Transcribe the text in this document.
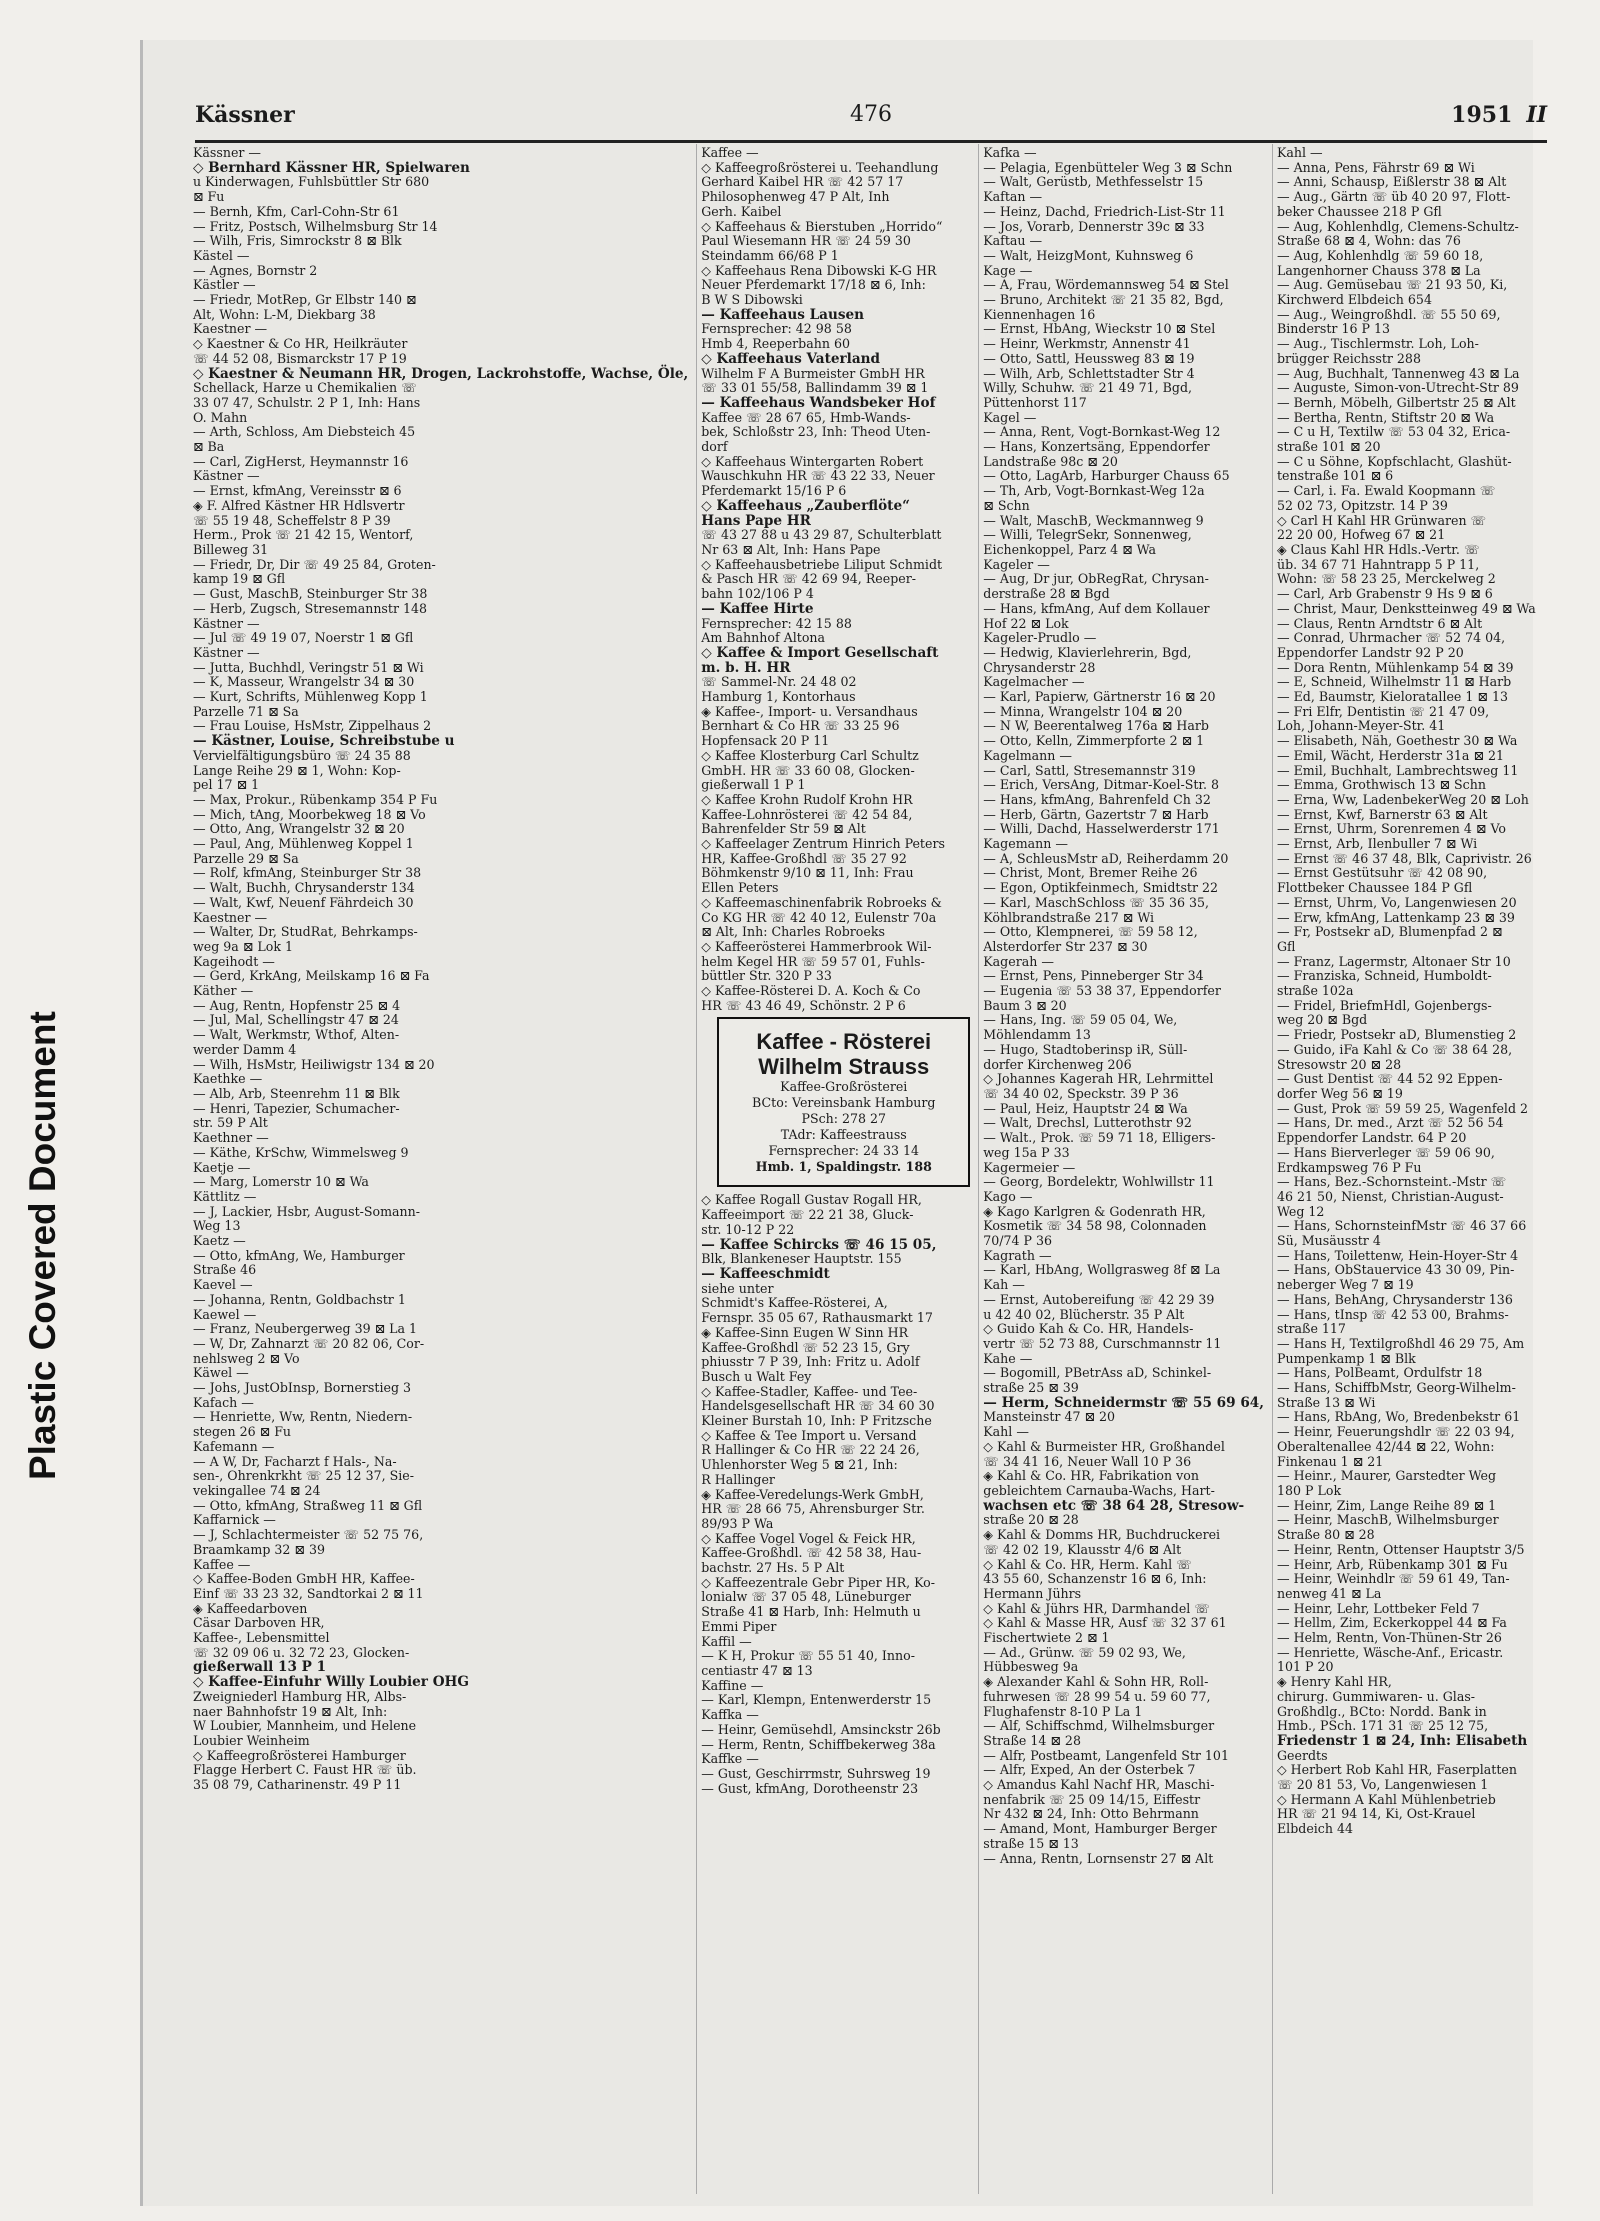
Plastic Covered Document
Kässner	476	1951 II
Kässner —
◇ Bernhard Kässner HR, Spielwaren
u Kinderwagen, Fuhlsbüttler Str 680
⊠ Fu
— Bernh, Kfm, Carl-Cohn-Str 61
— Fritz, Postsch, Wilhelmsburg Str 14
— Wilh, Fris, Simrockstr 8 ⊠ Blk
Kästel —
— Agnes, Bornstr 2
Kästler —
— Friedr, MotRep, Gr Elbstr 140 ⊠
Alt, Wohn: L-M, Diekbarg 38
Kaestner —
◇ Kaestner & Co HR, Heilkräuter
☏ 44 52 08, Bismarckstr 17 P 19
◇ Kaestner & Neumann HR, Drogen, Lackrohstoffe, Wachse, Öle,
Schellack, Harze u Chemikalien ☏
33 07 47, Schulstr. 2 P 1, Inh: Hans
O. Mahn
— Arth, Schloss, Am Diebsteich 45
⊠ Ba
— Carl, ZigHerst, Heymannstr 16
Kästner —
— Ernst, kfmAng, Vereinsstr ⊠ 6
◈ F. Alfred Kästner HR Hdlsvertr
☏ 55 19 48, Scheffelstr 8 P 39
Herm., Prok ☏ 21 42 15, Wentorf,
Billeweg 31
— Friedr, Dr, Dir ☏ 49 25 84, Groten-
kamp 19 ⊠ Gfl
— Gust, MaschB, Steinburger Str 38
— Herb, Zugsch, Stresemannstr 148
Kästner —
— Jul ☏ 49 19 07, Noerstr 1 ⊠ Gfl
Kästner —
— Jutta, Buchhdl, Veringstr 51 ⊠ Wi
— K, Masseur, Wrangelstr 34 ⊠ 30
— Kurt, Schrifts, Mühlenweg Kopp 1
Parzelle 71 ⊠ Sa
— Frau Louise, HsMstr, Zippelhaus 2
— Kästner, Louise, Schreibstube u
Vervielfältigungsbüro ☏ 24 35 88
Lange Reihe 29 ⊠ 1, Wohn: Kop-
pel 17 ⊠ 1
— Max, Prokur., Rübenkamp 354 P Fu
— Mich, tAng, Moorbekweg 18 ⊠ Vo
— Otto, Ang, Wrangelstr 32 ⊠ 20
— Paul, Ang, Mühlenweg Koppel 1
Parzelle 29 ⊠ Sa
— Rolf, kfmAng, Steinburger Str 38
— Walt, Buchh, Chrysanderstr 134
— Walt, Kwf, Neuenf Fährdeich 30
Kaestner —
— Walter, Dr, StudRat, Behrkamps-
weg 9a ⊠ Lok 1
Kageihodt —
— Gerd, KrkAng, Meilskamp 16 ⊠ Fa
Käther —
— Aug, Rentn, Hopfenstr 25 ⊠ 4
— Jul, Mal, Schellingstr 47 ⊠ 24
— Walt, Werkmstr, Wthof, Alten-
werder Damm 4
— Wilh, HsMstr, Heiliwigstr 134 ⊠ 20
Kaethke —
— Alb, Arb, Steenrehm 11 ⊠ Blk
— Henri, Tapezier, Schumacher-
str. 59 P Alt
Kaethner —
— Käthe, KrSchw, Wimmelsweg 9
Kaetje —
— Marg, Lomerstr 10 ⊠ Wa
Kättlitz —
— J, Lackier, Hsbr, August-Somann-
Weg 13
Kaetz —
— Otto, kfmAng, We, Hamburger
Straße 46
Kaevel —
— Johanna, Rentn, Goldbachstr 1
Kaewel —
— Franz, Neubergerweg 39 ⊠ La 1
— W, Dr, Zahnarzt ☏ 20 82 06, Cor-
nehlsweg 2 ⊠ Vo
Käwel —
— Johs, JustObInsp, Bornerstieg 3
Kafach —
— Henriette, Ww, Rentn, Niedern-
stegen 26 ⊠ Fu
Kafemann —
— A W, Dr, Facharzt f Hals-, Na-
sen-, Ohrenkrkht ☏ 25 12 37, Sie-
vekingallee 74 ⊠ 24
— Otto, kfmAng, Straßweg 11 ⊠ Gfl
Kaffarnick —
— J, Schlachtermeister ☏ 52 75 76,
Braamkamp 32 ⊠ 39
Kaffee —
◇ Kaffee-Boden GmbH HR, Kaffee-
Einf ☏ 33 23 32, Sandtorkai 2 ⊠ 11
◈ Kaffeedarboven
Cäsar Darboven HR,
Kaffee-, Lebensmittel
☏ 32 09 06 u. 32 72 23, Glocken-
gießerwall 13 P 1
◇ Kaffee-Einfuhr Willy Loubier OHG
Zweigniederl Hamburg HR, Albs-
naer Bahnhofstr 19 ⊠ Alt, Inh:
W Loubier, Mannheim, und Helene
Loubier Weinheim
◇ Kaffeegroßrösterei Hamburger
Flagge Herbert C. Faust HR ☏ üb.
35 08 79, Catharinenstr. 49 P 11
Kaffee —
◇ Kaffeegroßrösterei u. Teehandlung
Gerhard Kaibel HR ☏ 42 57 17
Philosophenweg 47 P Alt, Inh
Gerh. Kaibel
◇ Kaffeehaus & Bierstuben „Horrido“
Paul Wiesemann HR ☏ 24 59 30
Steindamm 66/68 P 1
◇ Kaffeehaus Rena Dibowski K-G HR
Neuer Pferdemarkt 17/18 ⊠ 6, Inh:
B W S Dibowski
— Kaffeehaus Lausen
Fernsprecher: 42 98 58
Hmb 4, Reeperbahn 60
◇ Kaffeehaus Vaterland
Wilhelm F A Burmeister GmbH HR
☏ 33 01 55/58, Ballindamm 39 ⊠ 1
— Kaffeehaus Wandsbeker Hof
Kaffee ☏ 28 67 65, Hmb-Wands-
bek, Schloßstr 23, Inh: Theod Uten-
dorf
◇ Kaffeehaus Wintergarten Robert
Wauschkuhn HR ☏ 43 22 33, Neuer
Pferdemarkt 15/16 P 6
◇ Kaffeehaus „Zauberflöte“
Hans Pape HR
☏ 43 27 88 u 43 29 87, Schulterblatt
Nr 63 ⊠ Alt, Inh: Hans Pape
◇ Kaffeehausbetriebe Liliput Schmidt
& Pasch HR ☏ 42 69 94, Reeper-
bahn 102/106 P 4
— Kaffee Hirte
Fernsprecher: 42 15 88
Am Bahnhof Altona
◇ Kaffee & Import Gesellschaft
m. b. H. HR
☏ Sammel-Nr. 24 48 02
Hamburg 1, Kontorhaus
◈ Kaffee-, Import- u. Versandhaus
Bernhart & Co HR ☏ 33 25 96
Hopfensack 20 P 11
◇ Kaffee Klosterburg Carl Schultz
GmbH. HR ☏ 33 60 08, Glocken-
gießerwall 1 P 1
◇ Kaffee Krohn Rudolf Krohn HR
Kaffee-Lohnrösterei ☏ 42 54 84,
Bahrenfelder Str 59 ⊠ Alt
◇ Kaffeelager Zentrum Hinrich Peters
HR, Kaffee-Großhdl ☏ 35 27 92
Böhmkenstr 9/10 ⊠ 11, Inh: Frau
Ellen Peters
◇ Kaffeemaschinenfabrik Robroeks &
Co KG HR ☏ 42 40 12, Eulenstr 70a
⊠ Alt, Inh: Charles Robroeks
◇ Kaffeerösterei Hammerbrook Wil-
helm Kegel HR ☏ 59 57 01, Fuhls-
büttler Str. 320 P 33
◇ Kaffee-Rösterei D. A. Koch & Co
HR ☏ 43 46 49, Schönstr. 2 P 6
Kaffee - Rösterei
Wilhelm Strauss
Kaffee-Großrösterei
BCto: Vereinsbank Hamburg
PSch: 278 27
TAdr: Kaffeestrauss
Fernsprecher: 24 33 14
Hmb. 1, Spaldingstr. 188
◇ Kaffee Rogall Gustav Rogall HR,
Kaffeeimport ☏ 22 21 38, Gluck-
str. 10-12 P 22
— Kaffee Schircks ☏ 46 15 05,
Blk, Blankeneser Hauptstr. 155
— Kaffeeschmidt
siehe unter
Schmidt's Kaffee-Rösterei, A,
Fernspr. 35 05 67, Rathausmarkt 17
◈ Kaffee-Sinn Eugen W Sinn HR
Kaffee-Großhdl ☏ 52 23 15, Gry
phiusstr 7 P 39, Inh: Fritz u. Adolf
Busch u Walt Fey
◇ Kaffee-Stadler, Kaffee- und Tee-
Handelsgesellschaft HR ☏ 34 60 30
Kleiner Burstah 10, Inh: P Fritzsche
◇ Kaffee & Tee Import u. Versand
R Hallinger & Co HR ☏ 22 24 26,
Uhlenhorster Weg 5 ⊠ 21, Inh:
R Hallinger
◈ Kaffee-Veredelungs-Werk GmbH,
HR ☏ 28 66 75, Ahrensburger Str.
89/93 P Wa
◇ Kaffee Vogel Vogel & Feick HR,
Kaffee-Großhdl. ☏ 42 58 38, Hau-
bachstr. 27 Hs. 5 P Alt
◇ Kaffeezentrale Gebr Piper HR, Ko-
lonialw ☏ 37 05 48, Lüneburger
Straße 41 ⊠ Harb, Inh: Helmuth u
Emmi Piper
Kaffil —
— K H, Prokur ☏ 55 51 40, Inno-
centiastr 47 ⊠ 13
Kaffine —
— Karl, Klempn, Entenwerderstr 15
Kaffka —
— Heinr, Gemüsehdl, Amsinckstr 26b
— Herm, Rentn, Schiffbekerweg 38a
Kaffke —
— Gust, Geschirrmstr, Suhrsweg 19
— Gust, kfmAng, Dorotheenstr 23
Kafka —
— Pelagia, Egenbütteler Weg 3 ⊠ Schn
— Walt, Gerüstb, Methfesselstr 15
Kaftan —
— Heinz, Dachd, Friedrich-List-Str 11
— Jos, Vorarb, Dennerstr 39c ⊠ 33
Kaftau —
— Walt, HeizgMont, Kuhnsweg 6
Kage —
— A, Frau, Wördemannsweg 54 ⊠ Stel
— Bruno, Architekt ☏ 21 35 82, Bgd,
Kiennenhagen 16
— Ernst, HbAng, Wieckstr 10 ⊠ Stel
— Heinr, Werkmstr, Annenstr 41
— Otto, Sattl, Heussweg 83 ⊠ 19
— Wilh, Arb, Schlettstadter Str 4
Willy, Schuhw. ☏ 21 49 71, Bgd,
Püttenhorst 117
Kagel —
— Anna, Rent, Vogt-Bornkast-Weg 12
— Hans, Konzertsäng, Eppendorfer
Landstraße 98c ⊠ 20
— Otto, LagArb, Harburger Chauss 65
— Th, Arb, Vogt-Bornkast-Weg 12a
⊠ Schn
— Walt, MaschB, Weckmannweg 9
— Willi, TelegrSekr, Sonnenweg,
Eichenkoppel, Parz 4 ⊠ Wa
Kageler —
— Aug, Dr jur, ObRegRat, Chrysan-
derstraße 28 ⊠ Bgd
— Hans, kfmAng, Auf dem Kollauer
Hof 22 ⊠ Lok
Kageler-Prudlo —
— Hedwig, Klavierlehrerin, Bgd,
Chrysanderstr 28
Kagelmacher —
— Karl, Papierw, Gärtnerstr 16 ⊠ 20
— Minna, Wrangelstr 104 ⊠ 20
— N W, Beerentalweg 176a ⊠ Harb
— Otto, Kelln, Zimmerpforte 2 ⊠ 1
Kagelmann —
— Carl, Sattl, Stresemannstr 319
— Erich, VersAng, Ditmar-Koel-Str. 8
— Hans, kfmAng, Bahrenfeld Ch 32
— Herb, Gärtn, Gazertstr 7 ⊠ Harb
— Willi, Dachd, Hasselwerderstr 171
Kagemann —
— A, SchleusMstr aD, Reiherdamm 20
— Christ, Mont, Bremer Reihe 26
— Egon, Optikfeinmech, Smidtstr 22
— Karl, MaschSchloss ☏ 35 36 35,
Köhlbrandstraße 217 ⊠ Wi
— Otto, Klempnerei, ☏ 59 58 12,
Alsterdorfer Str 237 ⊠ 30
Kagerah —
— Ernst, Pens, Pinneberger Str 34
— Eugenia ☏ 53 38 37, Eppendorfer
Baum 3 ⊠ 20
— Hans, Ing. ☏ 59 05 04, We,
Möhlendamm 13
— Hugo, Stadtoberinsp iR, Süll-
dorfer Kirchenweg 206
◇ Johannes Kagerah HR, Lehrmittel
☏ 34 40 02, Speckstr. 39 P 36
— Paul, Heiz, Hauptstr 24 ⊠ Wa
— Walt, Drechsl, Lutterothstr 92
— Walt., Prok. ☏ 59 71 18, Elligers-
weg 15a P 33
Kagermeier —
— Georg, Bordelektr, Wohlwillstr 11
Kago —
◈ Kago Karlgren & Godenrath HR,
Kosmetik ☏ 34 58 98, Colonnaden
70/74 P 36
Kagrath —
— Karl, HbAng, Wollgrasweg 8f ⊠ La
Kah —
— Ernst, Autobereifung ☏ 42 29 39
u 42 40 02, Blücherstr. 35 P Alt
◇ Guido Kah & Co. HR, Handels-
vertr ☏ 52 73 88, Curschmannstr 11
Kahe —
— Bogomill, PBetrAss aD, Schinkel-
straße 25 ⊠ 39
— Herm, Schneidermstr ☏ 55 69 64,
Mansteinstr 47 ⊠ 20
Kahl —
◇ Kahl & Burmeister HR, Großhandel
☏ 34 41 16, Neuer Wall 10 P 36
◈ Kahl & Co. HR, Fabrikation von
gebleichtem Carnauba-Wachs, Hart-
wachsen etc ☏ 38 64 28, Stresow-
straße 20 ⊠ 28
◈ Kahl & Domms HR, Buchdruckerei
☏ 42 02 19, Klausstr 4/6 ⊠ Alt
◇ Kahl & Co. HR, Herm. Kahl ☏
43 55 60, Schanzenstr 16 ⊠ 6, Inh:
Hermann Jührs
◇ Kahl & Jührs HR, Darmhandel ☏
◇ Kahl & Masse HR, Ausf ☏ 32 37 61
Fischertwiete 2 ⊠ 1
— Ad., Grünw. ☏ 59 02 93, We,
Hübbesweg 9a
◈ Alexander Kahl & Sohn HR, Roll-
fuhrwesen ☏ 28 99 54 u. 59 60 77,
Flughafenstr 8-10 P La 1
— Alf, Schiffschmd, Wilhelmsburger
Straße 14 ⊠ 28
— Alfr, Postbeamt, Langenfeld Str 101
— Alfr, Exped, An der Osterbek 7
◇ Amandus Kahl Nachf HR, Maschi-
nenfabrik ☏ 25 09 14/15, Eiffestr
Nr 432 ⊠ 24, Inh: Otto Behrmann
— Amand, Mont, Hamburger Berger
straße 15 ⊠ 13
— Anna, Rentn, Lornsenstr 27 ⊠ Alt
Kahl —
— Anna, Pens, Fährstr 69 ⊠ Wi
— Anni, Schausp, Eißlerstr 38 ⊠ Alt
— Aug., Gärtn ☏ üb 40 20 97, Flott-
beker Chaussee 218 P Gfl
— Aug, Kohlenhdlg, Clemens-Schultz-
Straße 68 ⊠ 4, Wohn: das 76
— Aug, Kohlenhdlg ☏ 59 60 18,
Langenhorner Chauss 378 ⊠ La
— Aug. Gemüsebau ☏ 21 93 50, Ki,
Kirchwerd Elbdeich 654
— Aug., Weingroßhdl. ☏ 55 50 69,
Binderstr 16 P 13
— Aug., Tischlermstr. Loh, Loh-
brügger Reichsstr 288
— Aug, Buchhalt, Tannenweg 43 ⊠ La
— Auguste, Simon-von-Utrecht-Str 89
— Bernh, Möbelh, Gilbertstr 25 ⊠ Alt
— Bertha, Rentn, Stiftstr 20 ⊠ Wa
— C u H, Textilw ☏ 53 04 32, Erica-
straße 101 ⊠ 20
— C u Söhne, Kopfschlacht, Glashüt-
tenstraße 101 ⊠ 6
— Carl, i. Fa. Ewald Koopmann ☏
52 02 73, Opitzstr. 14 P 39
◇ Carl H Kahl HR Grünwaren ☏
22 20 00, Hofweg 67 ⊠ 21
◈ Claus Kahl HR Hdls.-Vertr. ☏
üb. 34 67 71 Hahntrapp 5 P 11,
Wohn: ☏ 58 23 25, Merckelweg 2
— Carl, Arb Grabenstr 9 Hs 9 ⊠ 6
— Christ, Maur, Denkstteinweg 49 ⊠ Wa
— Claus, Rentn Arndtstr 6 ⊠ Alt
— Conrad, Uhrmacher ☏ 52 74 04,
Eppendorfer Landstr 92 P 20
— Dora Rentn, Mühlenkamp 54 ⊠ 39
— E, Schneid, Wilhelmstr 11 ⊠ Harb
— Ed, Baumstr, Kieloratallee 1 ⊠ 13
— Fri Elfr, Dentistin ☏ 21 47 09,
Loh, Johann-Meyer-Str. 41
— Elisabeth, Näh, Goethestr 30 ⊠ Wa
— Emil, Wächt, Herderstr 31a ⊠ 21
— Emil, Buchhalt, Lambrechtsweg 11
— Emma, Grothwisch 13 ⊠ Schn
— Erna, Ww, LadenbekerWeg 20 ⊠ Loh
— Ernst, Kwf, Barnerstr 63 ⊠ Alt
— Ernst, Uhrm, Sorenremen 4 ⊠ Vo
— Ernst, Arb, Ilenbuller 7 ⊠ Wi
— Ernst ☏ 46 37 48, Blk, Caprivistr. 26
— Ernst Gestütsuhr ☏ 42 08 90,
Flottbeker Chaussee 184 P Gfl
— Ernst, Uhrm, Vo, Langenwiesen 20
— Erw, kfmAng, Lattenkamp 23 ⊠ 39
— Fr, Postsekr aD, Blumenpfad 2 ⊠
Gfl
— Franz, Lagermstr, Altonaer Str 10
— Franziska, Schneid, Humboldt-
straße 102a
— Fridel, BriefmHdl, Gojenbergs-
weg 20 ⊠ Bgd
— Friedr, Postsekr aD, Blumenstieg 2
— Guido, iFa Kahl & Co ☏ 38 64 28,
Stresowstr 20 ⊠ 28
— Gust Dentist ☏ 44 52 92 Eppen-
dorfer Weg 56 ⊠ 19
— Gust, Prok ☏ 59 59 25, Wagenfeld 2
— Hans, Dr. med., Arzt ☏ 52 56 54
Eppendorfer Landstr. 64 P 20
— Hans Bierverleger ☏ 59 06 90,
Erdkampsweg 76 P Fu
— Hans, Bez.-Schornsteint.-Mstr ☏
46 21 50, Nienst, Christian-August-
Weg 12
— Hans, SchornsteinfMstr ☏ 46 37 66
Sü, Musäusstr 4
— Hans, Toilettenw, Hein-Hoyer-Str 4
— Hans, ObStauervice 43 30 09, Pin-
neberger Weg 7 ⊠ 19
— Hans, BehAng, Chrysanderstr 136
— Hans, tInsp ☏ 42 53 00, Brahms-
straße 117
— Hans H, Textilgroßhdl 46 29 75, Am
Pumpenkamp 1 ⊠ Blk
— Hans, PolBeamt, Ordulfstr 18
— Hans, SchiffbMstr, Georg-Wilhelm-
Straße 13 ⊠ Wi
— Hans, RbAng, Wo, Bredenbekstr 61
— Heinr, Feuerungshdlr ☏ 22 03 94,
Oberaltenallee 42/44 ⊠ 22, Wohn:
Finkenau 1 ⊠ 21
— Heinr., Maurer, Garstedter Weg
180 P Lok
— Heinr, Zim, Lange Reihe 89 ⊠ 1
— Heinr, MaschB, Wilhelmsburger
Straße 80 ⊠ 28
— Heinr, Rentn, Ottenser Hauptstr 3/5
— Heinr, Arb, Rübenkamp 301 ⊠ Fu
— Heinr, Weinhdlr ☏ 59 61 49, Tan-
nenweg 41 ⊠ La
— Heinr, Lehr, Lottbeker Feld 7
— Hellm, Zim, Eckerkoppel 44 ⊠ Fa
— Helm, Rentn, Von-Thünen-Str 26
— Henriette, Wäsche-Anf., Ericastr.
101 P 20
◈ Henry Kahl HR,
chirurg. Gummiwaren- u. Glas-
Großhdlg., BCto: Nordd. Bank in
Hmb., PSch. 171 31 ☏ 25 12 75,
Friedenstr 1 ⊠ 24, Inh: Elisabeth
Geerdts
◇ Herbert Rob Kahl HR, Faserplatten
☏ 20 81 53, Vo, Langenwiesen 1
◇ Hermann A Kahl Mühlenbetrieb
HR ☏ 21 94 14, Ki, Ost-Krauel
Elbdeich 44
